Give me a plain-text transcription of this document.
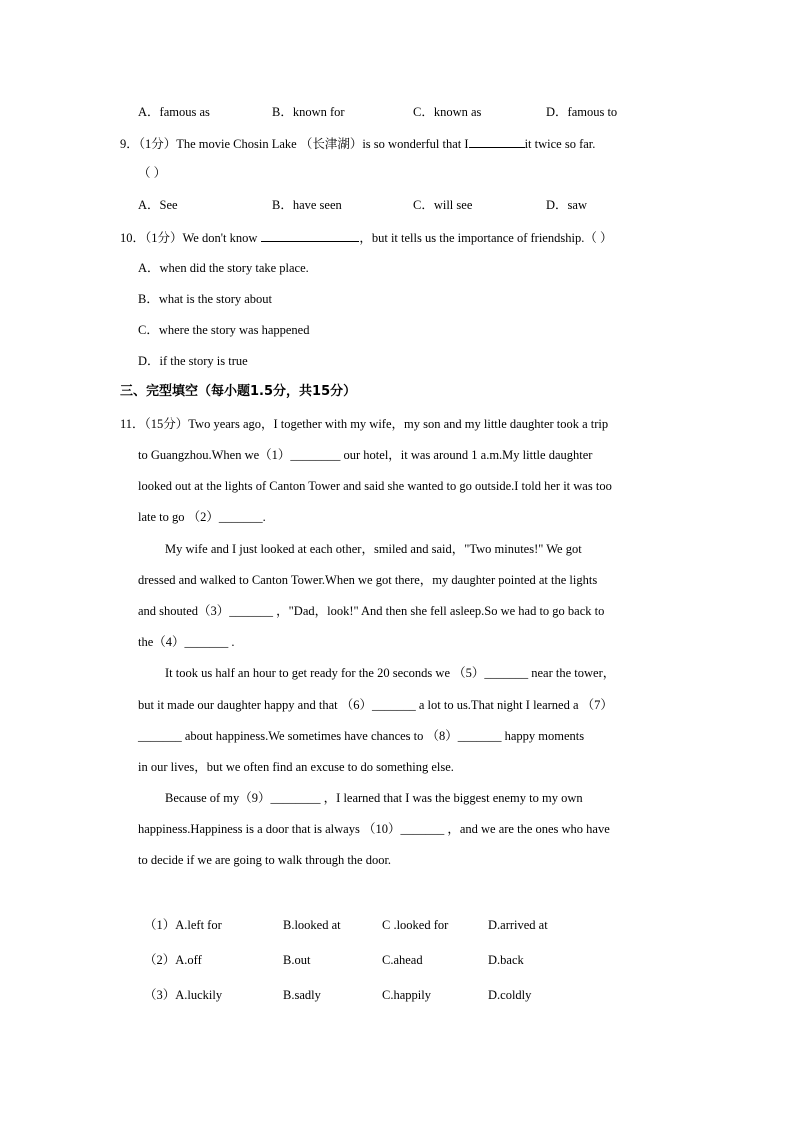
A．famous as	B．known for	C．known as	D．famous to
9．（1分）The movie Chosin Lake （长津湖）is so wonderful that I	it twice so far.
（ ）
A．See	B．have seen	C．will see	D．saw
10．（1分）We don't know	，but it tells us the importance of friendship.（ ）
A．when did the story take place.
B．what is the story about
C．where the story was happened
D．if the story is true
三、完型填空（每小题1.5分，共15分）
11．（15分）Two years ago，I together with my wife，my son and my little daughter took a trip
to Guangzhou.When we（1）________ our hotel，it was around 1 a.m.My little daughter
looked out at the lights of Canton Tower and said she wanted to go outside.I told her it was too
late to go （2）_______.
My wife and I just looked at each other，smiled and said，"Two minutes!" We got
dressed and walked to Canton Tower.When we got there，my daughter pointed at the lights
and shouted（3）_______ ，"Dad，look!" And then she fell asleep.So we had to go back to
the（4）_______ .
It took us half an hour to get ready for the 20 seconds we （5）_______ near the tower，
but it made our daughter happy and that （6）_______ a lot to us.That night I learned a （7）
_______ about happiness.We sometimes have chances to （8）_______ happy moments
in our lives，but we often find an excuse to do something else.
Because of my（9）________ ，I learned that I was the biggest enemy to my own
happiness.Happiness is a door that is always （10）_______ ，and we are the ones who have
to decide if we are going to walk through the door.
（1）A.left for	B.looked at	C .looked for	D.arrived at
（2）A.off	B.out	C.ahead	D.back
（3）A.luckily	B.sadly	C.happily	D.coldly
